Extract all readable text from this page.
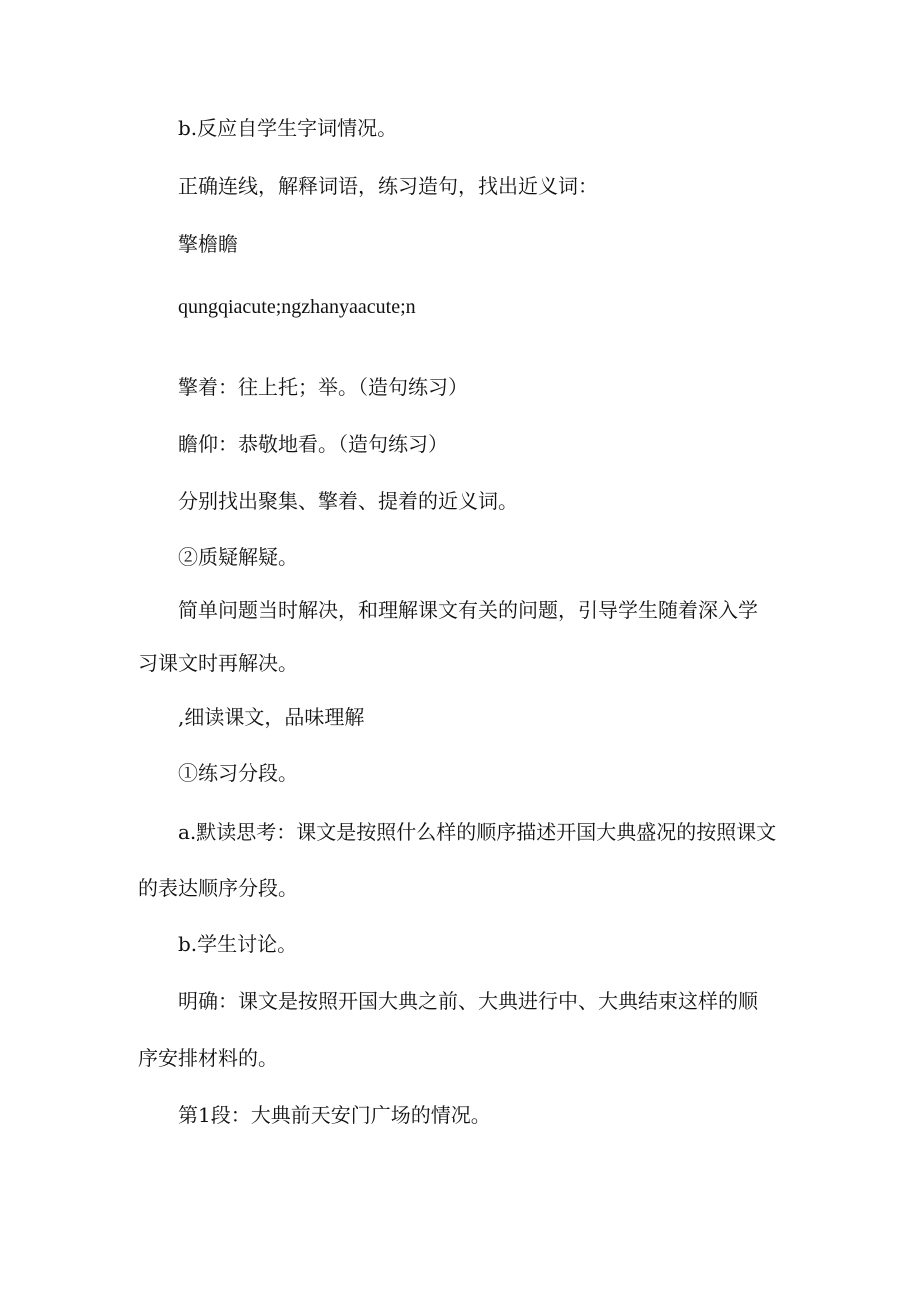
b.反应自学生字词情况。
正确连线，解释词语，练习造句，找出近义词：
擎檐瞻
qungqiacute;ngzhanyaacute;n
擎着：往上托；举。（造句练习）
瞻仰：恭敬地看。（造句练习）
分别找出聚集、擎着、提着的近义词。
②质疑解疑。
简单问题当时解决，和理解课文有关的问题，引导学生随着深入学
习课文时再解决。
,细读课文，品味理解
①练习分段。
a.默读思考：课文是按照什么样的顺序描述开国大典盛况的按照课文
的表达顺序分段。
b.学生讨论。
明确：课文是按照开国大典之前、大典进行中、大典结束这样的顺
序安排材料的。
第1段：大典前天安门广场的情况。
